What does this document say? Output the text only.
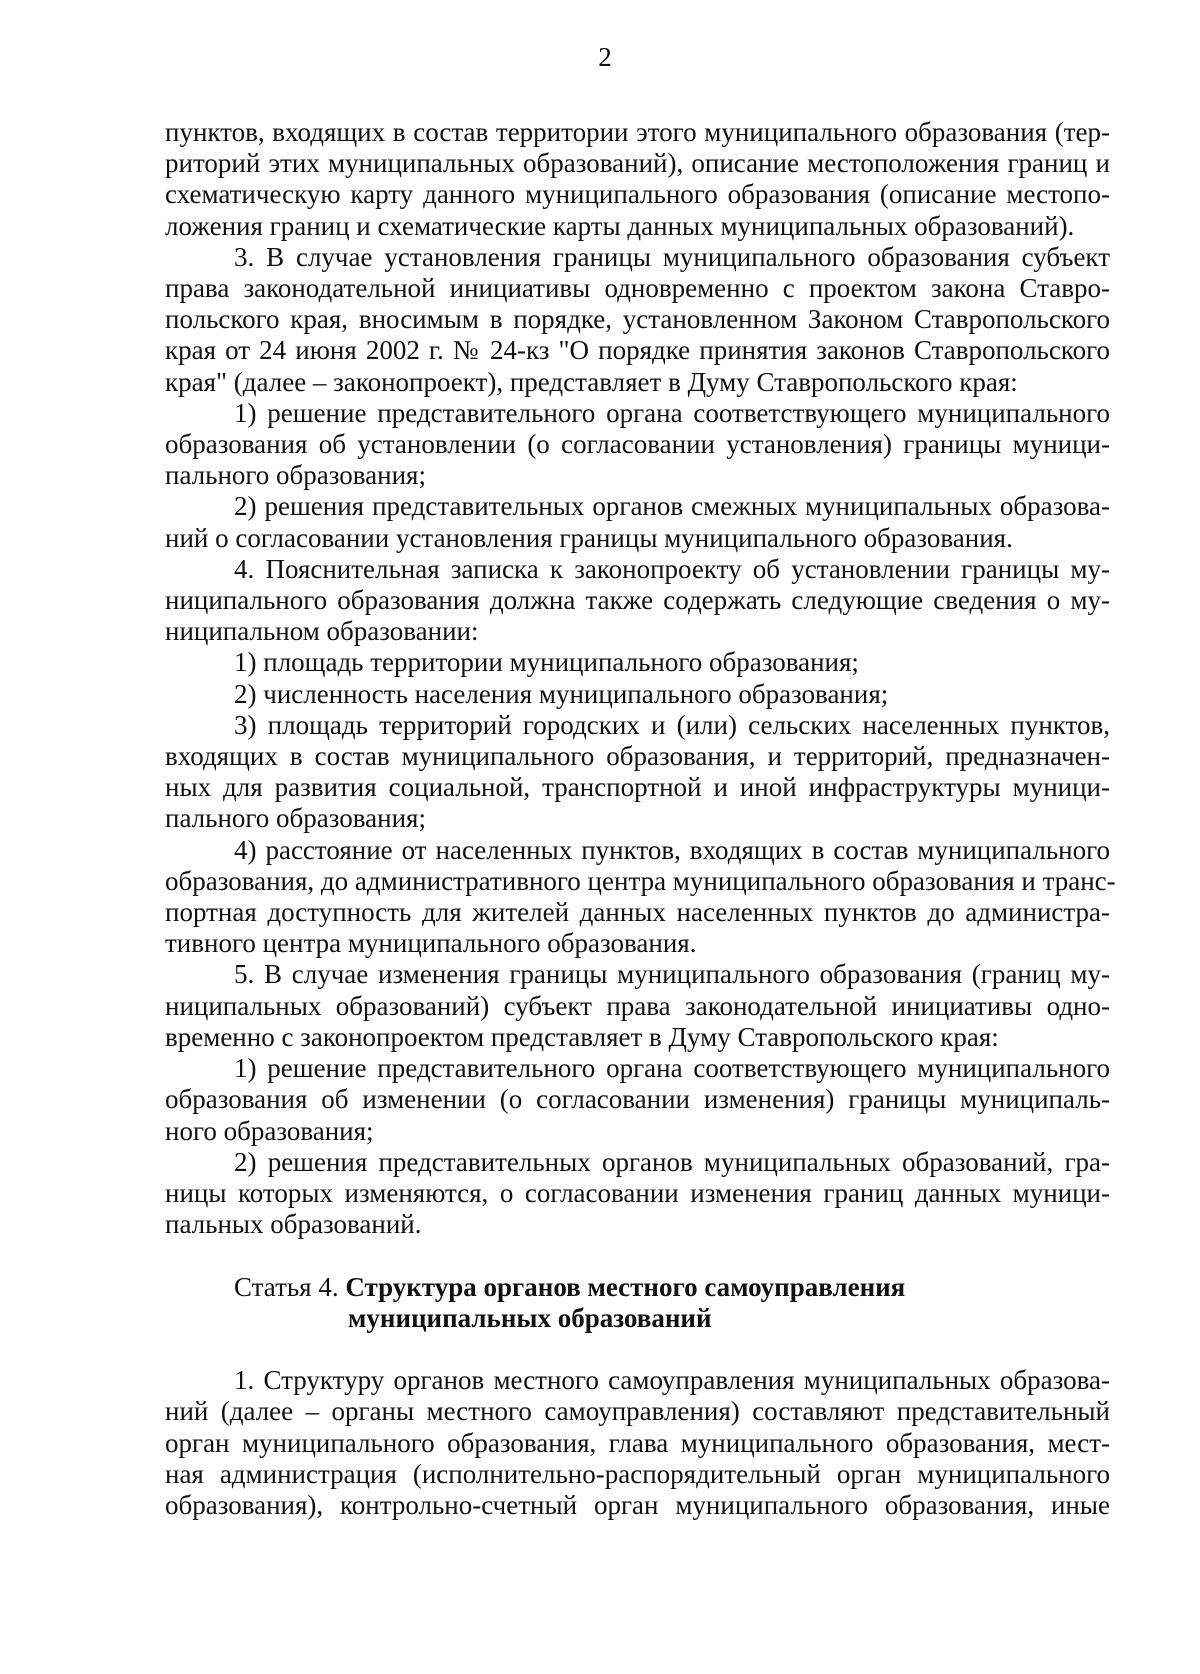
2
пунктов, входящих в состав территории этого муниципального образования (тер-
риторий этих муниципальных образований), описание местоположения границ и
схематическую карту данного муниципального образования (описание местопо-
ложения границ и схематические карты данных муниципальных образований).
3. В случае установления границы муниципального образования субъект
права законодательной инициативы одновременно с проектом закона Ставро-
польского края, вносимым в порядке, установленном Законом Ставропольского
края от 24 июня 2002 г. № 24-кз "О порядке принятия законов Ставропольского
края" (далее – законопроект), представляет в Думу Ставропольского края:
1) решение представительного органа соответствующего муниципального
образования об установлении (о согласовании установления) границы муници-
пального образования;
2) решения представительных органов смежных муниципальных образова-
ний о согласовании установления границы муниципального образования.
4. Пояснительная записка к законопроекту об установлении границы му-
ниципального образования должна также содержать следующие сведения о му-
ниципальном образовании:
1) площадь территории муниципального образования;
2) численность населения муниципального образования;
3) площадь территорий городских и (или) сельских населенных пунктов,
входящих в состав муниципального образования, и территорий, предназначен-
ных для развития социальной, транспортной и иной инфраструктуры муници-
пального образования;
4) расстояние от населенных пунктов, входящих в состав муниципального
образования, до административного центра муниципального образования и транс-
портная доступность для жителей данных населенных пунктов до администра-
тивного центра муниципального образования.
5. В случае изменения границы муниципального образования (границ му-
ниципальных образований) субъект права законодательной инициативы одно-
временно с законопроектом представляет в Думу Ставропольского края:
1) решение представительного органа соответствующего муниципального
образования об изменении (о согласовании изменения) границы муниципаль-
ного образования;
2) решения представительных органов муниципальных образований, гра-
ницы которых изменяются, о согласовании изменения границ данных муници-
пальных образований.
Статья 4. Структура органов местного самоуправления
муниципальных образований
1. Структуру органов местного самоуправления муниципальных образова-
ний (далее – органы местного самоуправления) составляют представительный
орган муниципального образования, глава муниципального образования, мест-
ная администрация (исполнительно-распорядительный орган муниципального
образования), контрольно-счетный орган муниципального образования, иные
